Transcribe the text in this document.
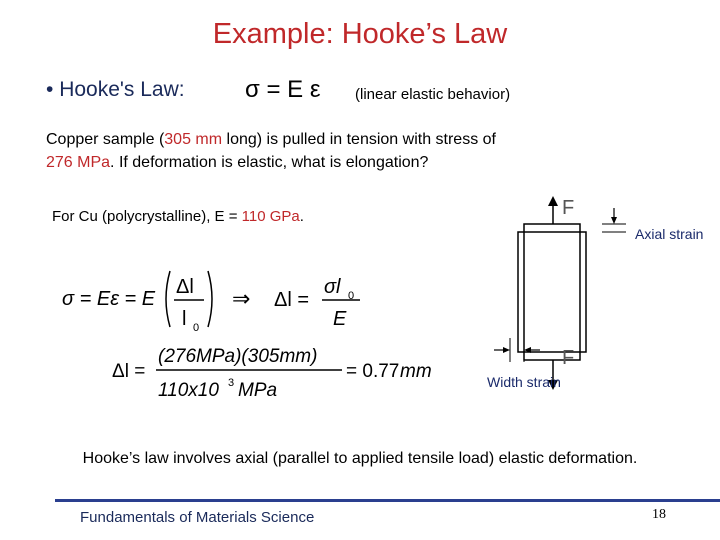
Example: Hooke’s Law
• Hooke's Law:	σ = E ε (linear elastic behavior)
Copper sample (305 mm long) is pulled in tension with stress of
276 MPa. If deformation is elastic, what is elongation?
For Cu (polycrystalline), E = 110 GPa.
σ = Eε = E
Δl
l 0
⇒ Δl =
σl 0
E
Δl =
(276MPa)(305mm)
110x10 3 MPa
= 0.77 mm
F
F
Axial strain
Width strain
Hooke’s law involves axial (parallel to applied tensile load) elastic deformation.
Fundamentals of Materials Science	18
